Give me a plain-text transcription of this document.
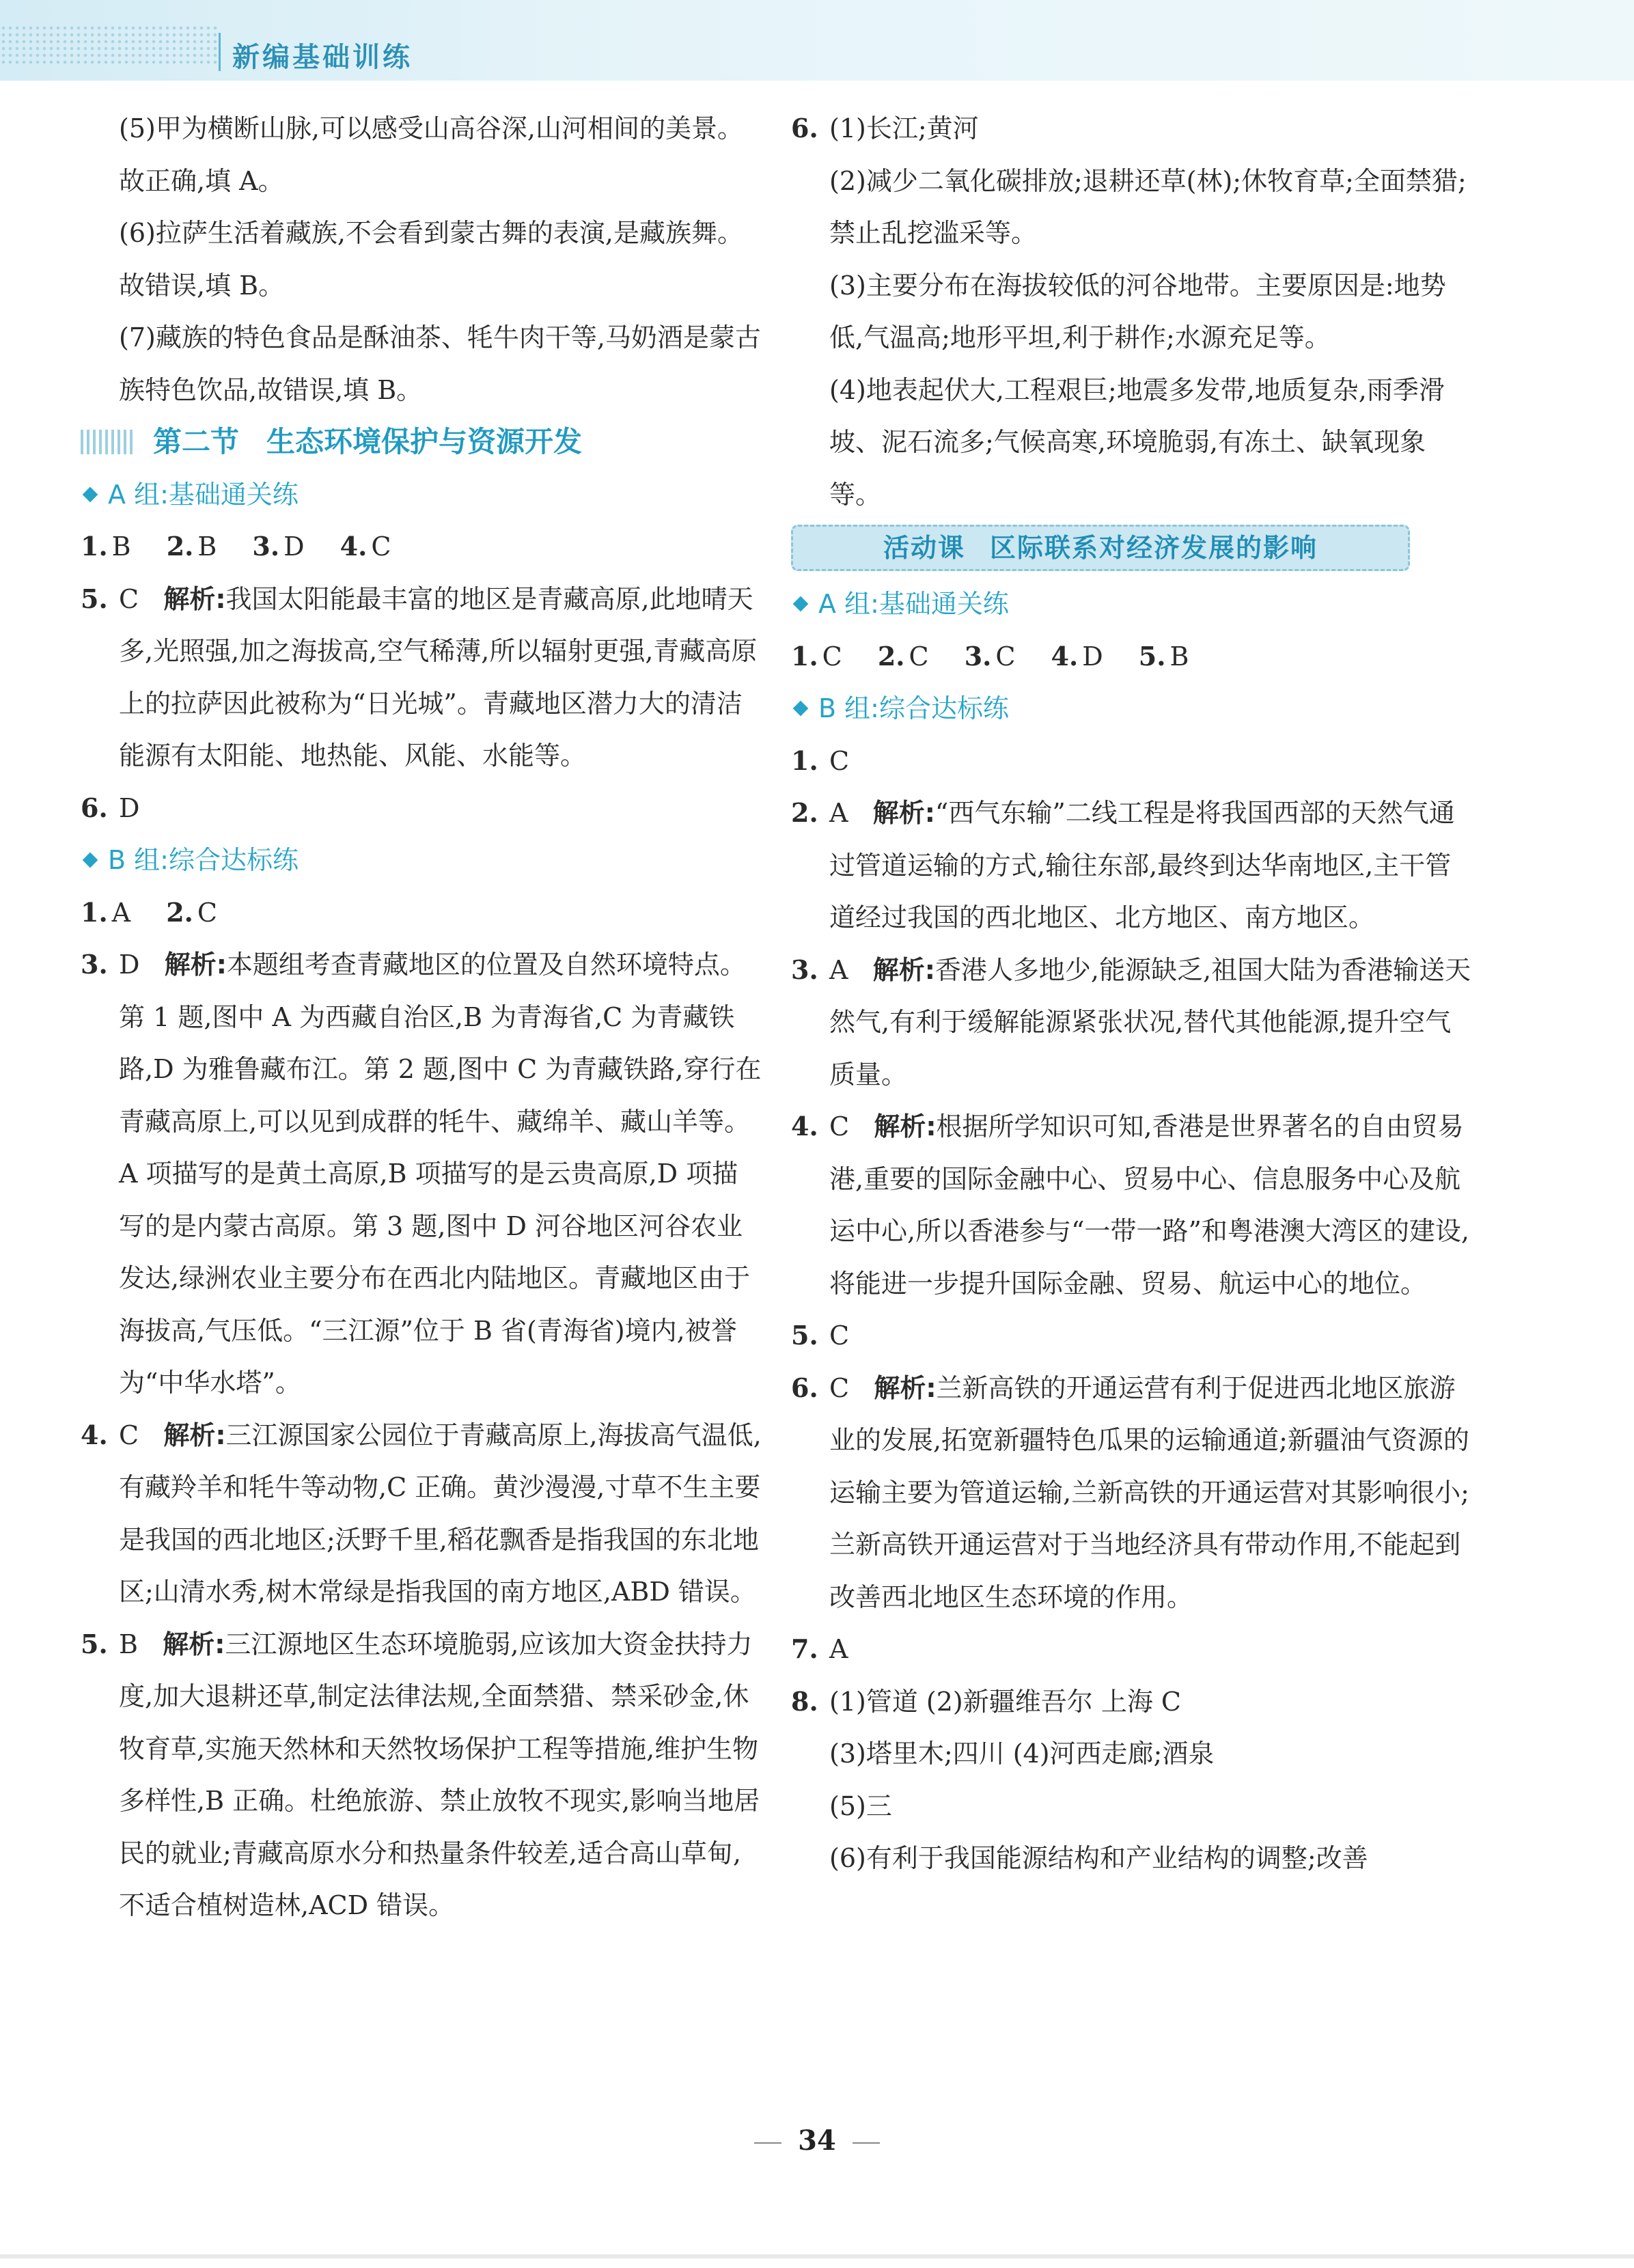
新编基础训练

(5)甲为横断山脉,可以感受山高谷深,山河相间的美景。故正确,填 A。

(6)拉萨生活着藏族,不会看到蒙古舞的表演,是藏族舞。故错误,填 B。

(7)藏族的特色食品是酥油茶、牦牛肉干等,马奶酒是蒙古族特色饮品,故错误,填 B。

第二节 生态环境保护与资源开发
A 组:基础通关练

1. B 2. B 3. D 4. C

5. C 解析:我国太阳能最丰富的地区是青藏高原,此地晴天多,光照强,加之海拔高,空气稀薄,所以辐射更强,青藏高原上的拉萨因此被称为“日光城”。青藏地区潜力大的清洁能源有太阳能、地热能、风能、水能等。

6. D

B 组:综合达标练

1. A 2. C

3. D 解析:本题组考查青藏地区的位置及自然环境特点。第 1 题,图中 A 为西藏自治区,B 为青海省,C 为青藏铁路,D 为雅鲁藏布江。第 2 题,图中 C 为青藏铁路,穿行在青藏高原上,可以见到成群的牦牛、藏绵羊、藏山羊等。A 项描写的是黄土高原,B 项描写的是云贵高原,D 项描写的是内蒙古高原。第 3 题,图中 D 河谷地区河谷农业发达,绿洲农业主要分布在西北内陆地区。青藏地区由于海拔高,气压低。“三江源”位于 B 省(青海省)境内,被誉为“中华水塔”。

4. C 解析:三江源国家公园位于青藏高原上,海拔高气温低,有藏羚羊和牦牛等动物,C 正确。黄沙漫漫,寸草不生主要是我国的西北地区;沃野千里,稻花飘香是指我国的东北地区;山清水秀,树木常绿是指我国的南方地区,ABD 错误。

5. B 解析:三江源地区生态环境脆弱,应该加大资金扶持力度,加大退耕还草,制定法律法规,全面禁猎、禁采砂金,休牧育草,实施天然林和天然牧场保护工程等措施,维护生物多样性,B 正确。杜绝旅游、禁止放牧不现实,影响当地居民的就业;青藏高原水分和热量条件较差,适合高山草甸,不适合植树造林,ACD 错误。

6. (1)长江;黄河

(2)减少二氧化碳排放;退耕还草(林);休牧育草;全面禁猎;禁止乱挖滥采等。

(3)主要分布在海拔较低的河谷地带。主要原因是:地势低,气温高;地形平坦,利于耕作;水源充足等。

(4)地表起伏大,工程艰巨;地震多发带,地质复杂,雨季滑坡、泥石流多;气候高寒,环境脆弱,有冻土、缺氧现象等。

活动课 区际联系对经济发展的影响
A 组:基础通关练

1. C 2. C 3. C 4. D 5. B

B 组:综合达标练

1. C

2. A 解析:“西气东输”二线工程是将我国西部的天然气通过管道运输的方式,输往东部,最终到达华南地区,主干管道经过我国的西北地区、北方地区、南方地区。

3. A 解析:香港人多地少,能源缺乏,祖国大陆为香港输送天然气,有利于缓解能源紧张状况,替代其他能源,提升空气质量。

4. C 解析:根据所学知识可知,香港是世界著名的自由贸易港,重要的国际金融中心、贸易中心、信息服务中心及航运中心,所以香港参与“一带一路”和粤港澳大湾区的建设,将能进一步提升国际金融、贸易、航运中心的地位。

5. C

6. C 解析:兰新高铁的开通运营有利于促进西北地区旅游业的发展,拓宽新疆特色瓜果的运输通道;新疆油气资源的运输主要为管道运输,兰新高铁的开通运营对其影响很小;兰新高铁开通运营对于当地经济具有带动作用,不能起到改善西北地区生态环境的作用。

7. A

8. (1)管道 (2)新疆维吾尔 上海 C

(3)塔里木;四川 (4)河西走廊;酒泉

(5)三

(6)有利于我国能源结构和产业结构的调整;改善

34
